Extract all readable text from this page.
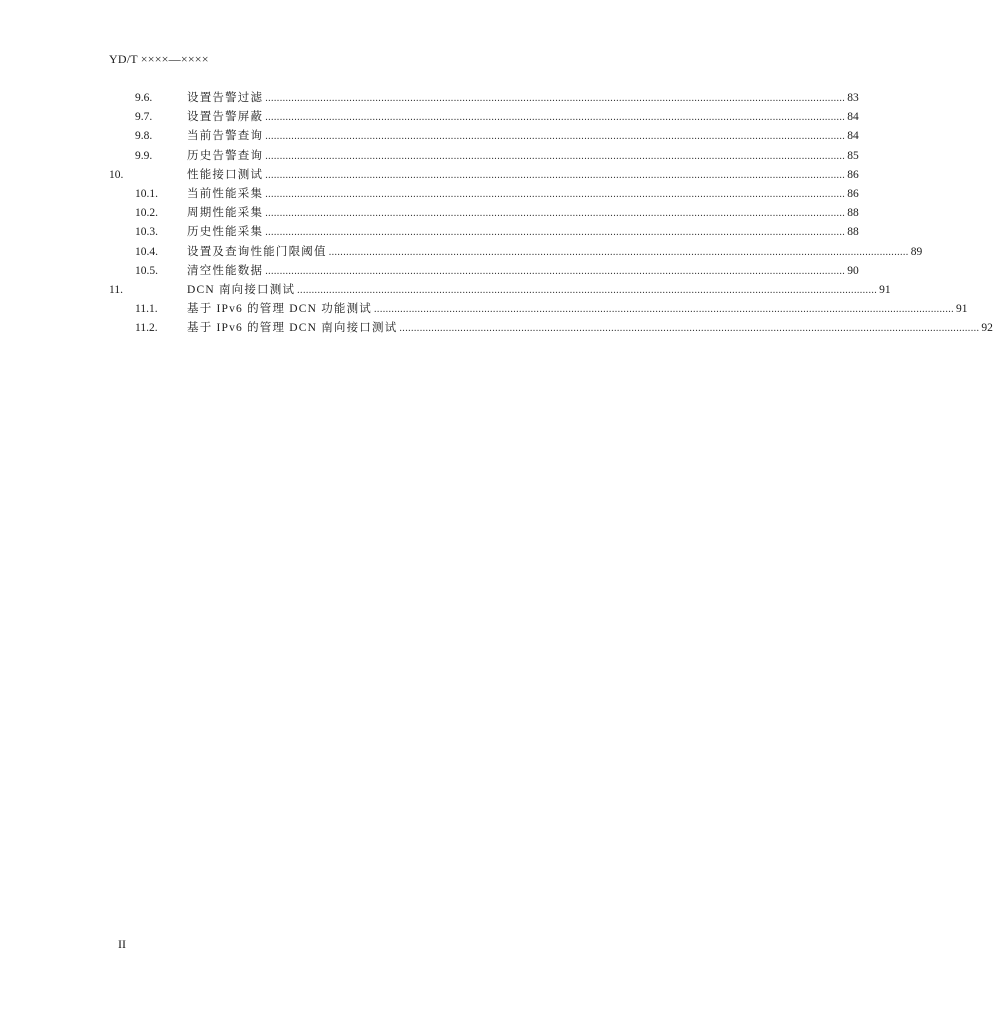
YD/T ××××—××××
9.6.	设置告警过滤 ........................................................................................................................................................................................................ 83
9.7.	设置告警屏蔽 ........................................................................................................................................................................................................ 84
9.8.	当前告警查询 ........................................................................................................................................................................................................ 84
9.9.	历史告警查询 ........................................................................................................................................................................................................ 85
10.	性能接口测试 ........................................................................................................................................................................................................ 86
10.1.	当前性能采集 ........................................................................................................................................................................................................ 86
10.2.	周期性能采集 ........................................................................................................................................................................................................ 88
10.3.	历史性能采集 ........................................................................................................................................................................................................ 88
10.4.	设置及查询性能门限阈值 ........................................................................................................................................................................................................ 89
10.5.	清空性能数据 ........................................................................................................................................................................................................ 90
11.	DCN 南向接口测试 ........................................................................................................................................................................................................ 91
11.1.	基于 IPv6 的管理 DCN 功能测试 ........................................................................................................................................................................................................ 91
11.2.	基于 IPv6 的管理 DCN 南向接口测试 ........................................................................................................................................................................................................ 92
II
